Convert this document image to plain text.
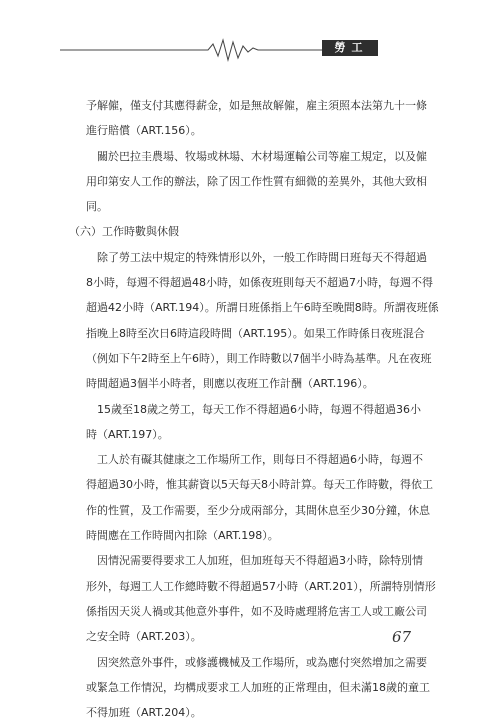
勞工
予解僱，僅支付其應得薪金，如是無故解僱，雇主須照本法第九十一條
進行賠償（ART.156）。
　關於巴拉圭農場、牧場或林場、木材場運輸公司等雇工規定，以及僱
用印第安人工作的辦法，除了因工作性質有細微的差異外，其他大致相
同。
（六）工作時數與休假
　除了勞工法中規定的特殊情形以外，一般工作時間日班每天不得超過
8小時，每週不得超過48小時，如係夜班則每天不超過7小時，每週不得
超過42小時（ART.194）。所謂日班係指上午6時至晚間8時。所謂夜班係
指晚上8時至次日6時這段時間（ART.195）。如果工作時係日夜班混合
（例如下午2時至上午6時），則工作時數以7個半小時為基準。凡在夜班
時間超過3個半小時者，則應以夜班工作計酬（ART.196）。
　15歲至18歲之勞工，每天工作不得超過6小時，每週不得超過36小
時（ART.197）。
　工人於有礙其健康之工作場所工作，則每日不得超過6小時，每週不
得超過30小時，惟其薪資以5天每天8小時計算。每天工作時數，得依工
作的性質，及工作需要，至少分成兩部分，其間休息至少30分鐘，休息
時間應在工作時間內扣除（ART.198）。
　因情況需要得要求工人加班，但加班每天不得超過3小時，除特別情
形外，每週工人工作總時數不得超過57小時（ART.201），所謂特別情形
係指因天災人禍或其他意外事件，如不及時處理將危害工人或工廠公司
之安全時（ART.203）。
　因突然意外事件，或修護機械及工作場所，或為應付突然增加之需要
或緊急工作情況，均構成要求工人加班的正常理由，但未滿18歲的童工
不得加班（ART.204）。
67
